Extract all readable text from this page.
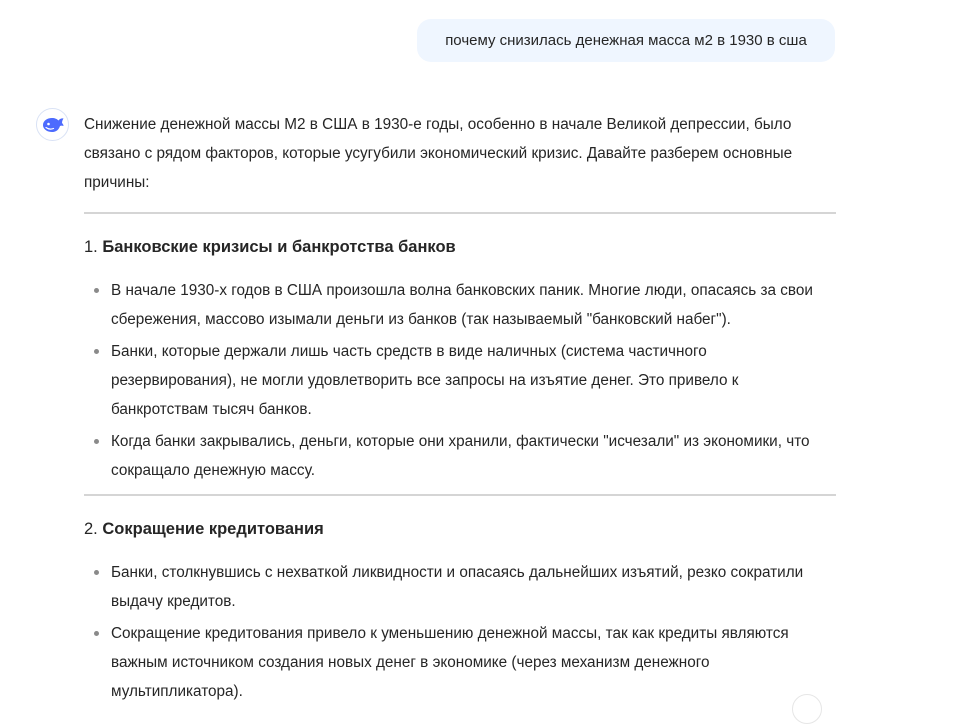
почему снизилась денежная масса м2 в 1930 в сша

Снижение денежной массы М2 в США в 1930-е годы, особенно в начале Великой депрессии, было связано с рядом факторов, которые усугубили экономический кризис. Давайте разберем основные причины:

1. Банковские кризисы и банкротства банков
В начале 1930-х годов в США произошла волна банковских паник. Многие люди, опасаясь за свои сбережения, массово изымали деньги из банков (так называемый "банковский набег").
Банки, которые держали лишь часть средств в виде наличных (система частичного резервирования), не могли удовлетворить все запросы на изъятие денег. Это привело к банкротствам тысяч банков.
Когда банки закрывались, деньги, которые они хранили, фактически "исчезали" из экономики, что сокращало денежную массу.
2. Сокращение кредитования
Банки, столкнувшись с нехваткой ликвидности и опасаясь дальнейших изъятий, резко сократили выдачу кредитов.
Сокращение кредитования привело к уменьшению денежной массы, так как кредиты являются важным источником создания новых денег в экономике (через механизм денежного мультипликатора).
